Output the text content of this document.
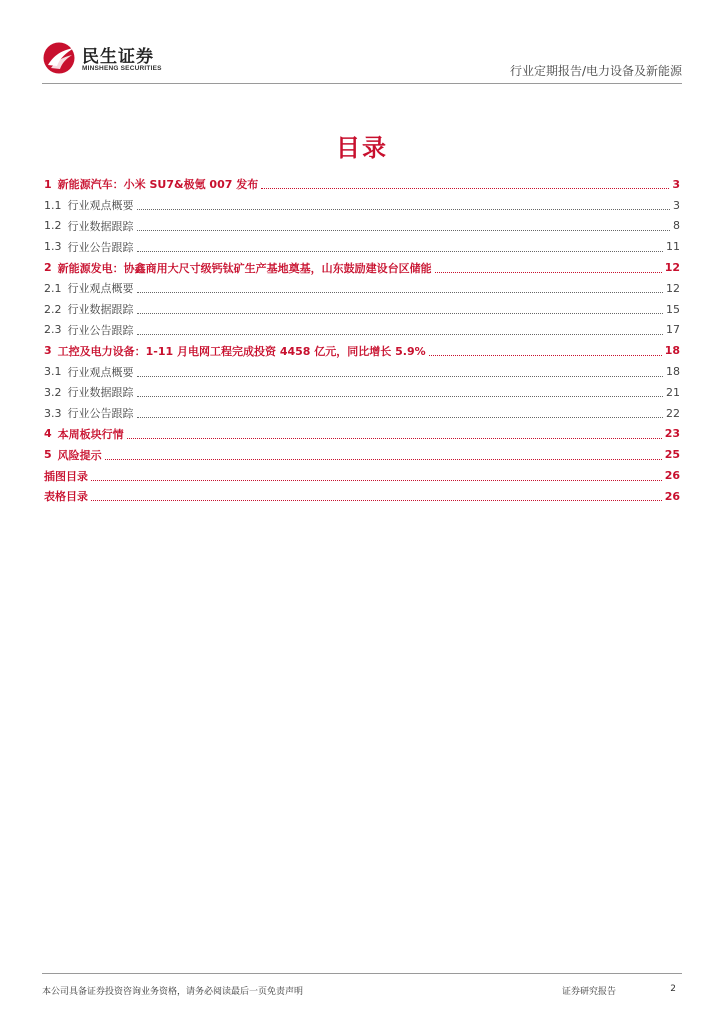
民生证券
MINSHENG SECURITIES	行业定期报告/电力设备及新能源
目录
1 新能源汽车：小米 SU7&极氪 007 发布	3
1.1 行业观点概要	3
1.2 行业数据跟踪	8
1.3 行业公告跟踪	11
2 新能源发电：协鑫商用大尺寸级钙钛矿生产基地奠基，山东鼓励建设台区储能	12
2.1 行业观点概要	12
2.2 行业数据跟踪	15
2.3 行业公告跟踪	17
3 工控及电力设备：1-11 月电网工程完成投资 4458 亿元，同比增长 5.9%	18
3.1 行业观点概要	18
3.2 行业数据跟踪	21
3.3 行业公告跟踪	22
4 本周板块行情	23
5 风险提示	25
插图目录	26
表格目录	26
本公司具备证券投资咨询业务资格，请务必阅读最后一页免责声明	证券研究报告	2
